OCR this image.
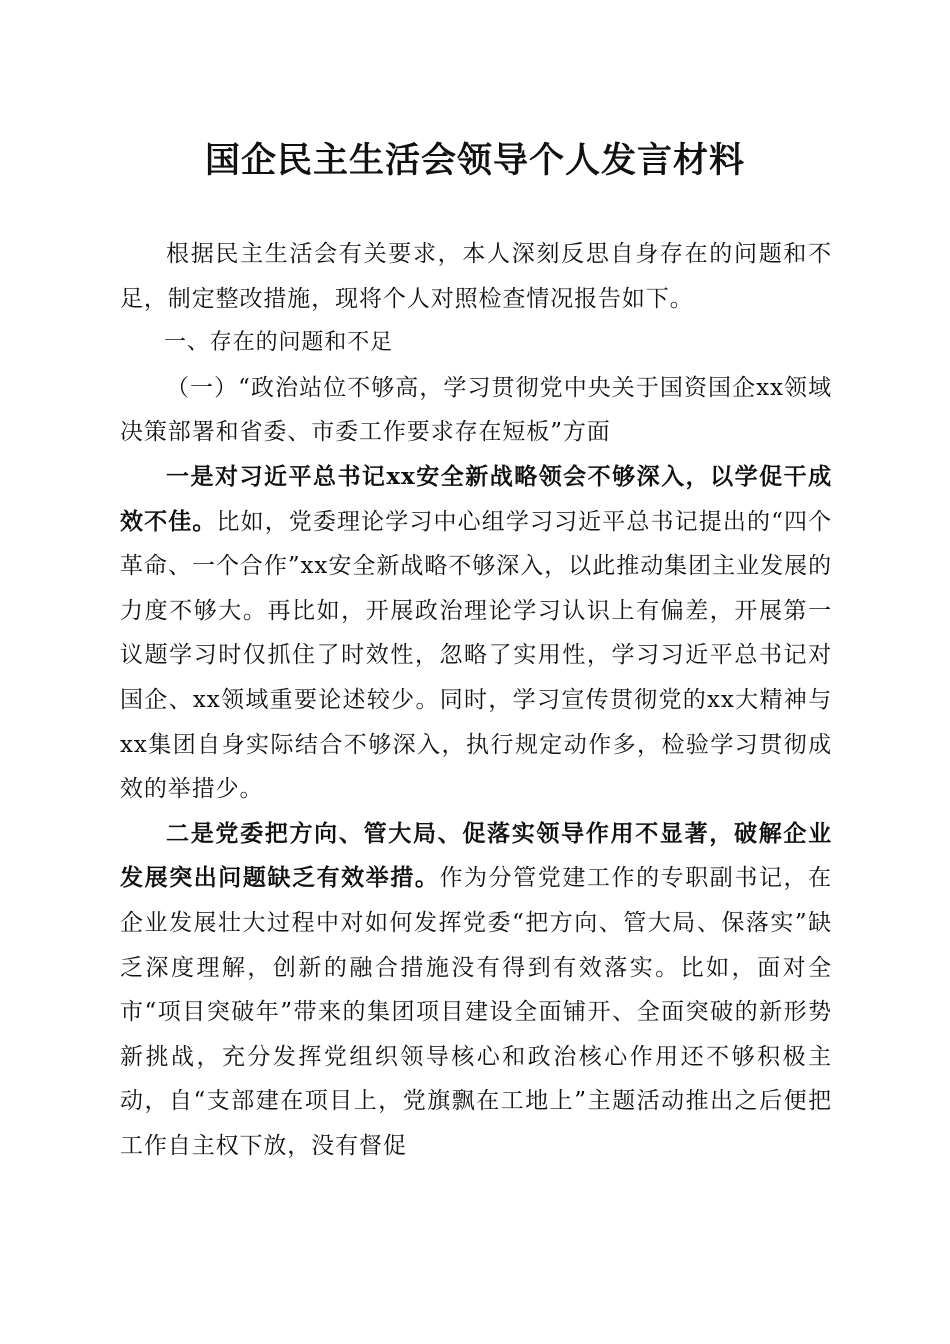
国企民主生活会领导个人发言材料

根据民主生活会有关要求，本人深刻反思自身存在的问题和不足，制定整改措施，现将个人对照检查情况报告如下。

一、存在的问题和不足

（一）“政治站位不够高，学习贯彻党中央关于国资国企xx领域决策部署和省委、市委工作要求存在短板”方面

一是对习近平总书记xx安全新战略领会不够深入，以学促干成效不佳。比如，党委理论学习中心组学习习近平总书记提出的“四个革命、一个合作”xx安全新战略不够深入，以此推动集团主业发展的力度不够大。再比如，开展政治理论学习认识上有偏差，开展第一议题学习时仅抓住了时效性，忽略了实用性，学习习近平总书记对国企、xx领域重要论述较少。同时，学习宣传贯彻党的xx大精神与xx集团自身实际结合不够深入，执行规定动作多，检验学习贯彻成效的举措少。

二是党委把方向、管大局、促落实领导作用不显著，破解企业发展突出问题缺乏有效举措。作为分管党建工作的专职副书记，在企业发展壮大过程中对如何发挥党委“把方向、管大局、保落实”缺乏深度理解，创新的融合措施没有得到有效落实。比如，面对全市“项目突破年”带来的集团项目建设全面铺开、全面突破的新形势新挑战，充分发挥党组织领导核心和政治核心作用还不够积极主动，自“支部建在项目上，党旗飘在工地上”主题活动推出之后便把工作自主权下放，没有督促
